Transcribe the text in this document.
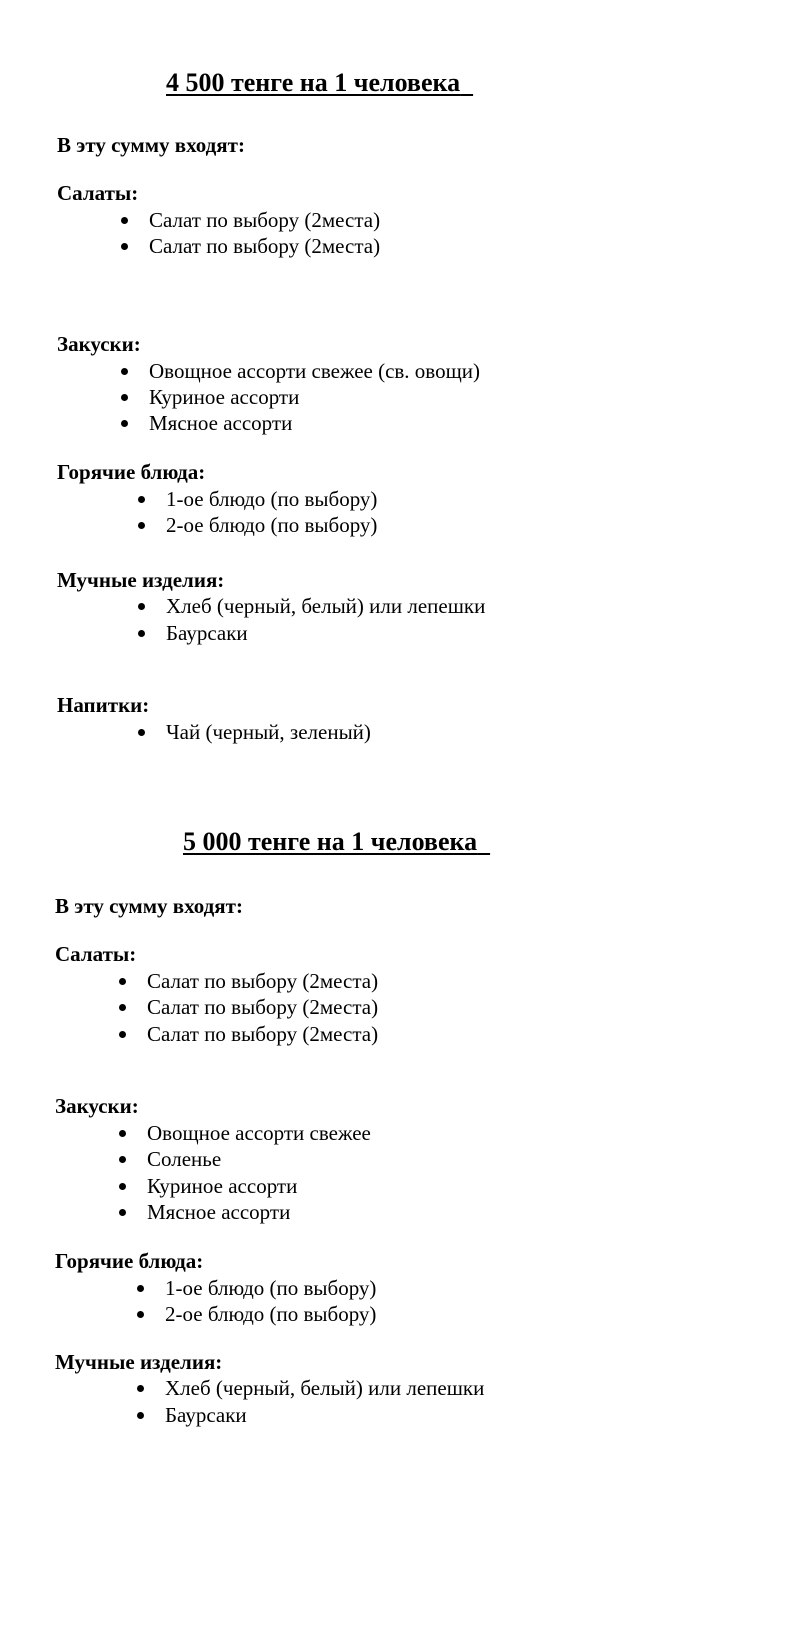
4 500 тенге на 1 человека
В эту сумму входят:
Салаты:
Салат по выбору (2места)
Салат по выбору (2места)
Закуски:
Овощное ассорти свежее (св. овощи)
Куриное ассорти
Мясное ассорти
Горячие блюда:
1-ое блюдо (по выбору)
2-ое блюдо (по выбору)
Мучные изделия:
Хлеб (черный, белый) или лепешки
Баурсаки
Напитки:
Чай (черный, зеленый)
5 000 тенге на 1 человека
В эту сумму входят:
Салаты:
Салат по выбору (2места)
Салат по выбору (2места)
Салат по выбору (2места)
Закуски:
Овощное ассорти свежее
Соленье
Куриное ассорти
Мясное ассорти
Горячие блюда:
1-ое блюдо (по выбору)
2-ое блюдо (по выбору)
Мучные изделия:
Хлеб (черный, белый) или лепешки
Баурсаки
